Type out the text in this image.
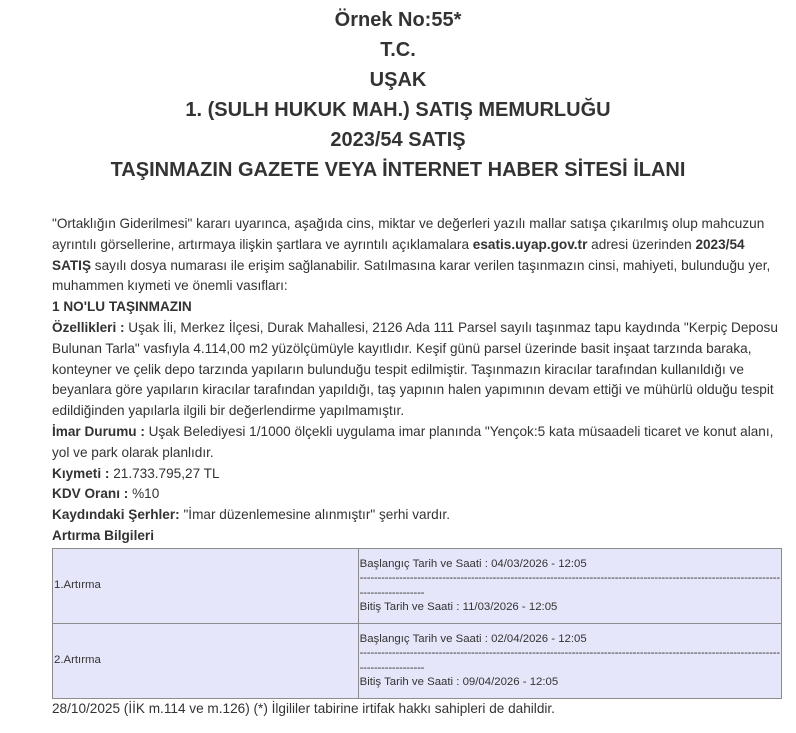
Örnek No:55*
T.C.
UŞAK
1. (SULH HUKUK MAH.) SATIŞ MEMURLUĞU
2023/54 SATIŞ
TAŞINMAZIN GAZETE VEYA İNTERNET HABER SİTESİ İLANI

"Ortaklığın Giderilmesi" kararı uyarınca, aşağıda cins, miktar ve değerleri yazılı mallar satışa çıkarılmış olup mahcuzun ayrıntılı görsellerine, artırmaya ilişkin şartlara ve ayrıntılı açıklamalara esatis.uyap.gov.tr adresi üzerinden 2023/54 SATIŞ sayılı dosya numarası ile erişim sağlanabilir. Satılmasına karar verilen taşınmazın cinsi, mahiyeti, bulunduğu yer, muhammen kıymeti ve önemli vasıfları:

1 NO'LU TAŞINMAZIN

Özellikleri : Uşak İli, Merkez İlçesi, Durak Mahallesi, 2126 Ada 111 Parsel sayılı taşınmaz tapu kaydında "Kerpiç Deposu Bulunan Tarla" vasfıyla 4.114,00 m2 yüzölçümüyle kayıtlıdır. Keşif günü parsel üzerinde basit inşaat tarzında baraka, konteyner ve çelik depo tarzında yapıların bulunduğu tespit edilmiştir. Taşınmazın kiracılar tarafından kullanıldığı ve beyanlara göre yapıların kiracılar tarafından yapıldığı, taş yapının halen yapımının devam ettiği ve mühürlü olduğu tespit edildiğinden yapılarla ilgili bir değerlendirme yapılmamıştır.

İmar Durumu : Uşak Belediyesi 1/1000 ölçekli uygulama imar planında "Yençok:5 kata müsaadeli ticaret ve konut alanı, yol ve park olarak planlıdır.

Kıymeti : 21.733.795,27 TL

KDV Oranı : %10

Kaydındaki Şerhler: "İmar düzenlemesine alınmıştır" şerhi vardır.

Artırma Bilgileri

1.Artırma	Başlangıç Tarih ve Saati : 04/03/2026 - 12:05
---------------------------------------------------------------------------------------------------------------------
------------------
Bitiş Tarih ve Saati : 11/03/2026 - 12:05

2.Artırma	Başlangıç Tarih ve Saati : 02/04/2026 - 12:05
---------------------------------------------------------------------------------------------------------------------
------------------
Bitiş Tarih ve Saati : 09/04/2026 - 12:05

28/10/2025 (İİK m.114 ve m.126) (*) İlgililer tabirine irtifak hakkı sahipleri de dahildir.
